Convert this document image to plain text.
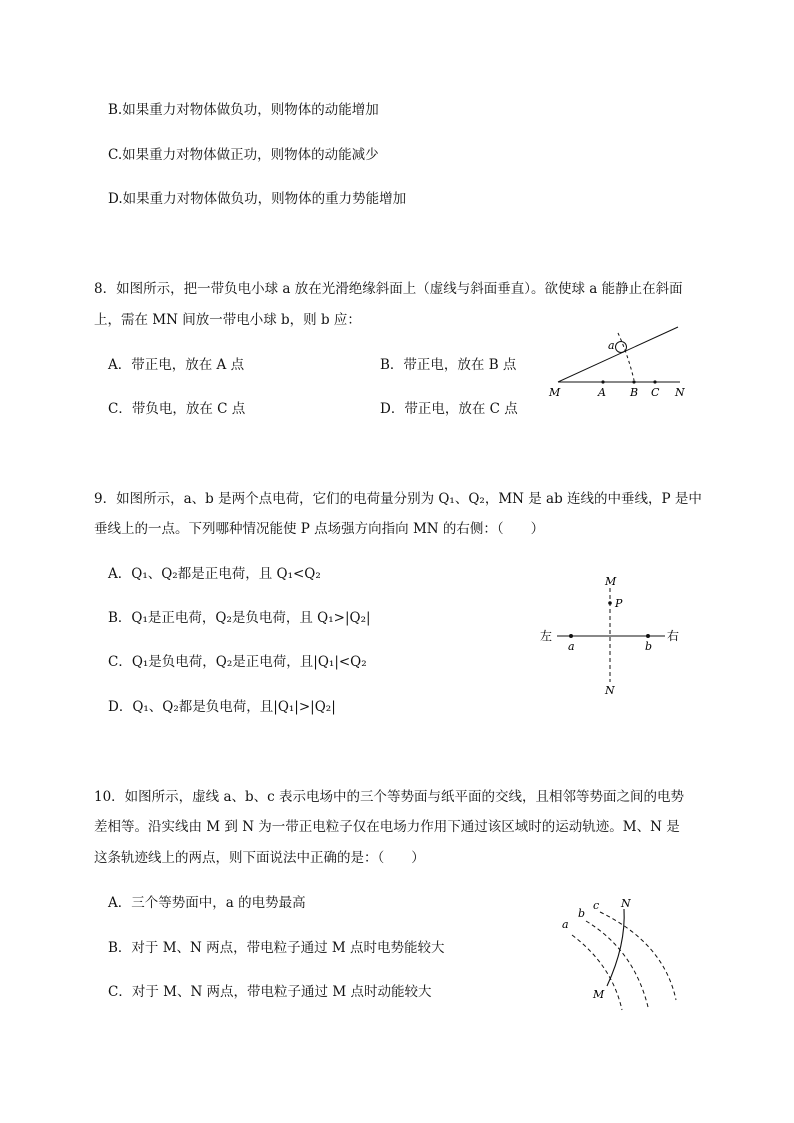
B.如果重力对物体做负功，则物体的动能增加
C.如果重力对物体做正功，则物体的动能减少
D.如果重力对物体做负功，则物体的重力势能增加
8．如图所示，把一带负电小球 a 放在光滑绝缘斜面上（虚线与斜面垂直）。欲使球 a 能静止在斜面
上，需在 MN 间放一带电小球 b，则 b 应：
A．带正电，放在 A 点	B．带正电，放在 B 点
C．带负电，放在 C 点	D．带正电，放在 C 点
a
M	A B C N
9．如图所示，a、b 是两个点电荷，它们的电荷量分别为 Q₁、Q₂，MN 是 ab 连线的中垂线，P 是中
垂线上的一点。下列哪种情况能使 P 点场强方向指向 MN 的右侧：（　　）
A．Q₁、Q₂都是正电荷，且 Q₁<Q₂
B．Q₁是正电荷，Q₂是负电荷，且 Q₁>|Q₂|
C．Q₁是负电荷，Q₂是正电荷，且|Q₁|<Q₂
D．Q₁、Q₂都是负电荷，且|Q₁|>|Q₂|
M
P
左
a	b
右
N
10．如图所示，虚线 a、b、c 表示电场中的三个等势面与纸平面的交线，且相邻等势面之间的电势
差相等。沿实线由 M 到 N 为一带正电粒子仅在电场力作用下通过该区域时的运动轨迹。M、N 是
这条轨迹线上的两点，则下面说法中正确的是：（　　）
A．三个等势面中，a 的电势最高
B．对于 M、N 两点，带电粒子通过 M 点时电势能较大
C．对于 M、N 两点，带电粒子通过 M 点时动能较大
a
b
c N
M
